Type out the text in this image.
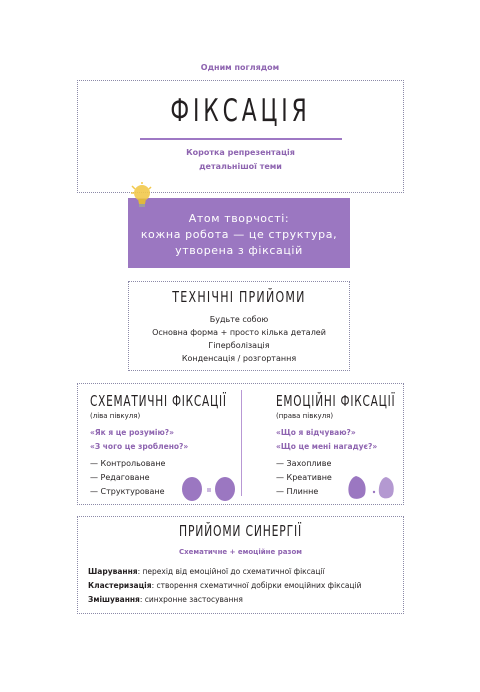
Одним поглядом
ФІКСАЦІЯ
Коротка репрезентація
детальнішої теми
Атом творчості:
кожна робота — це структура,
утворена з фіксацій
ТЕХНІЧНІ ПРИЙОМИ
Будьте собою
Основна форма + просто кілька деталей
Гіперболізація
Конденсація / розгортання
СХЕМАТИЧНІ ФІКСАЦІЇ
(ліва півкуля)
«Як я це розумію?»
«З чого це зроблено?»
— Контрольоване
— Редаговане
— Структуроване
ЕМОЦІЙНІ ФІКСАЦІЇ
(права півкуля)
«Що я відчуваю?»
«Що це мені нагадує?»
— Захопливе
— Креативне
— Плинне
ПРИЙОМИ СИНЕРГІЇ
Схематичне + емоційне разом
Шарування: перехід від емоційної до схематичної фіксації
Кластеризація: створення схематичної добірки емоційних фіксацій
Змішування: синхронне застосування
